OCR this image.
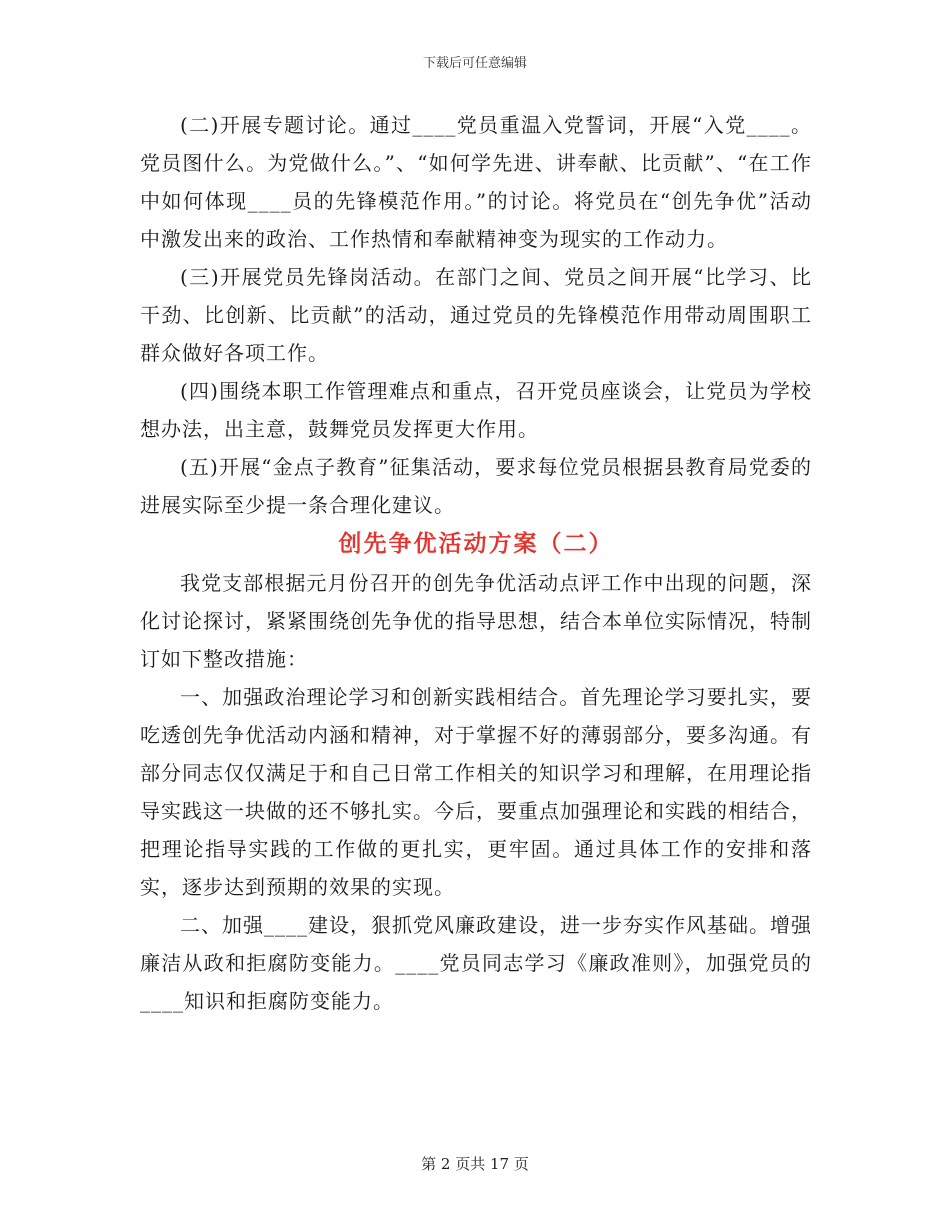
下载后可任意编辑

(二)开展专题讨论。通过____党员重温入党誓词，开展“入党____。党员图什么。为党做什么。”、“如何学先进、讲奉献、比贡献”、“在工作中如何体现____员的先锋模范作用。”的讨论。将党员在“创先争优”活动中激发出来的政治、工作热情和奉献精神变为现实的工作动力。

(三)开展党员先锋岗活动。在部门之间、党员之间开展“比学习、比干劲、比创新、比贡献”的活动，通过党员的先锋模范作用带动周围职工群众做好各项工作。

(四)围绕本职工作管理难点和重点，召开党员座谈会，让党员为学校想办法，出主意，鼓舞党员发挥更大作用。

(五)开展“金点子教育”征集活动，要求每位党员根据县教育局党委的进展实际至少提一条合理化建议。

创先争优活动方案（二）

我党支部根据元月份召开的创先争优活动点评工作中出现的问题，深化讨论探讨，紧紧围绕创先争优的指导思想，结合本单位实际情况，特制订如下整改措施：

一、加强政治理论学习和创新实践相结合。首先理论学习要扎实，要吃透创先争优活动内涵和精神，对于掌握不好的薄弱部分，要多沟通。有部分同志仅仅满足于和自己日常工作相关的知识学习和理解，在用理论指导实践这一块做的还不够扎实。今后，要重点加强理论和实践的相结合，把理论指导实践的工作做的更扎实，更牢固。通过具体工作的安排和落实，逐步达到预期的效果的实现。

二、加强____建设，狠抓党风廉政建设，进一步夯实作风基础。增强廉洁从政和拒腐防变能力。____党员同志学习《廉政准则》，加强党员的____知识和拒腐防变能力。

第 2 页共 17 页
